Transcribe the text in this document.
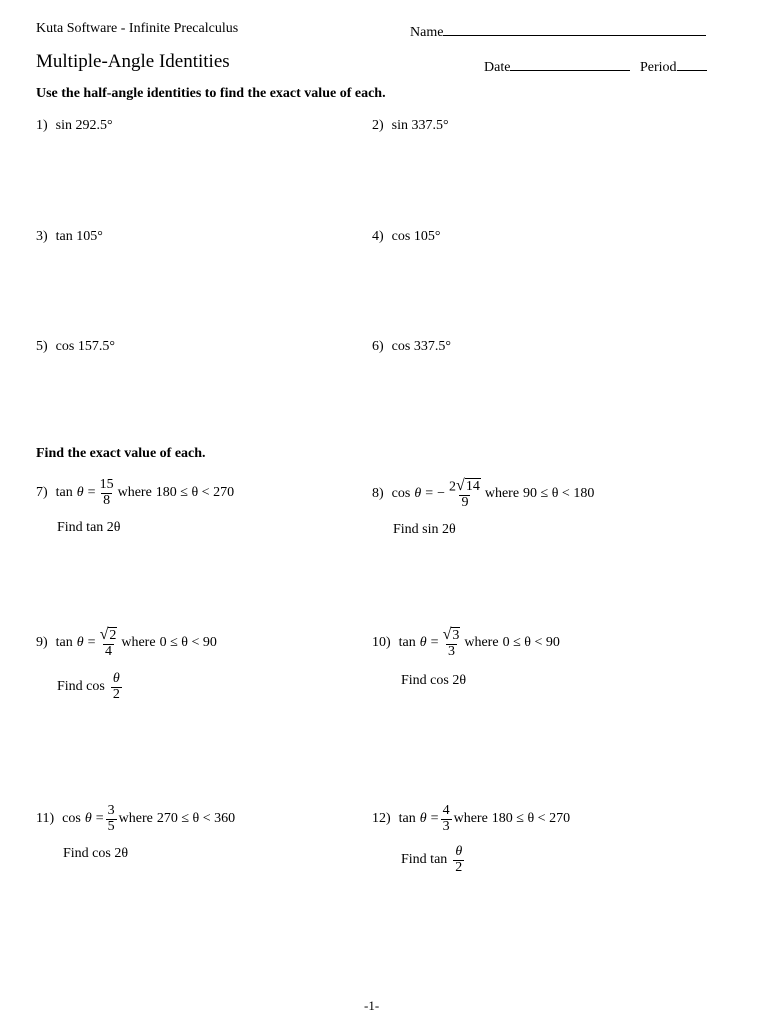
Kuta Software - Infinite Precalculus	Name
Multiple-Angle Identities	Date	Period
Use the half-angle identities to find the exact value of each.
1) sin 292.5°	2) sin 337.5°
3) tan 105°	4) cos 105°
5) cos 157.5°	6) cos 337.5°
Find the exact value of each.
7) $\tan \theta = \frac{15}{8}$ where 180 ≤ θ < 270
Find tan 2θ
8) cos θ = − $\frac{2 √ 14}{9}$ where 90 ≤ θ < 180
Find sin 2θ
9) $\tan \theta = \frac{√ 2}{4}$ where 0 ≤ θ < 90
Find $\cos \frac{\theta}{2}$
10) $\tan \theta = \frac{√ 3}{3}$ where 0 ≤ θ < 90
Find cos 2θ
11) $\cos \theta = \frac{3}{5}$ where 270 ≤ θ < 360
Find cos 2θ
12) $\tan \theta = \frac{4}{3}$ where 180 ≤ θ < 270
Find $\tan \frac{\theta}{2}$
-1-
